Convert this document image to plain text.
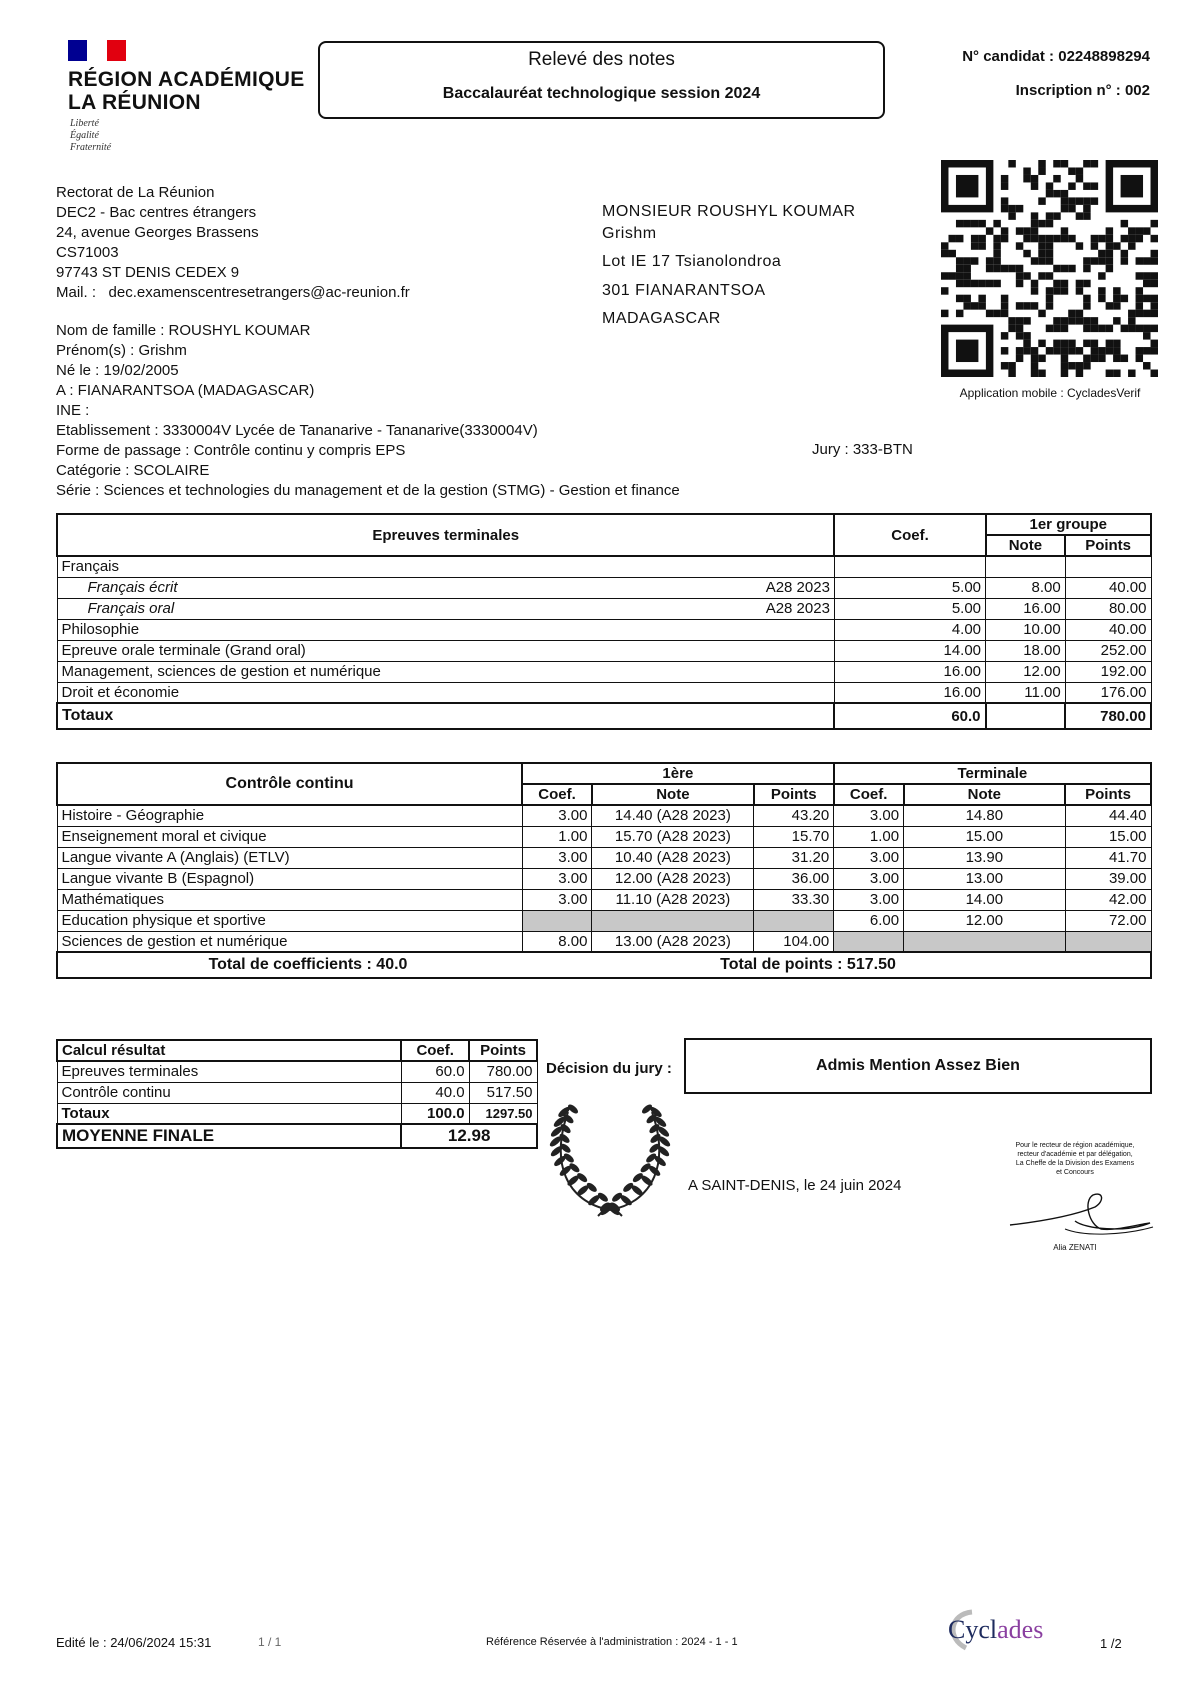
RÉGION ACADÉMIQUE
LA RÉUNION
Liberté
Égalité
Fraternité
Relevé des notes
Baccalauréat technologique session 2024
N° candidat : 02248898294
Inscription n° : 002
Application mobile : CycladesVerif
Rectorat de La Réunion
DEC2 - Bac centres étrangers
24, avenue Georges Brassens
CS71003
97743 ST DENIS CEDEX 9
Mail. : dec.examenscentresetrangers@ac-reunion.fr
MONSIEUR ROUSHYL KOUMAR
Grishm
Lot IE 17 Tsianolondroa
301 FIANARANTSOA
MADAGASCAR
Nom de famille : ROUSHYL KOUMAR
Prénom(s) : Grishm
Né le : 19/02/2005
A : FIANARANTSOA (MADAGASCAR)
INE :
Etablissement : 3330004V Lycée de Tananarive - Tananarive(3330004V)
Forme de passage : Contrôle continu y compris EPS
Catégorie : SCOLAIRE
Série : Sciences et technologies du management et de la gestion (STMG) - Gestion et finance
Jury : 333-BTN
Epreuves terminales		Coef.	1er groupe	
			Note	Points
Français				
Français écrit	A28 2023	5.00	8.00	40.00
Français oral	A28 2023	5.00	16.00	80.00
Philosophie		4.00	10.00	40.00
Epreuve orale terminale (Grand oral)		14.00	18.00	252.00
Management, sciences de gestion et numérique		16.00	12.00	192.00
Droit et économie		16.00	11.00	176.00
Totaux		60.0		780.00
Contrôle continu	1ère			Terminale		
	Coef.	Note	Points	Coef.	Note	Points
Histoire - Géographie	3.00	14.40 (A28 2023)	43.20	3.00	14.80	44.40
Enseignement moral et civique	1.00	15.70 (A28 2023)	15.70	1.00	15.00	15.00
Langue vivante A (Anglais) (ETLV)	3.00	10.40 (A28 2023)	31.20	3.00	13.90	41.70
Langue vivante B (Espagnol)	3.00	12.00 (A28 2023)	36.00	3.00	13.00	39.00
Mathématiques	3.00	11.10 (A28 2023)	33.30	3.00	14.00	42.00
Education physique et sportive				6.00	12.00	72.00
Sciences de gestion et numérique	8.00	13.00 (A28 2023)	104.00			

Total de coefficients : 40.0 Total de points : 517.50						
Calcul résultat	Coef.	Points
Epreuves terminales	60.0	780.00
Contrôle continu	40.0	517.50
Totaux	100.0	1297.50
MOYENNE FINALE	12.98	
Décision du jury :	Admis Mention Assez Bien
A SAINT-DENIS, le 24 juin 2024
Pour le recteur de région académique,
recteur d'académie et par délégation,
La Cheffe de la Division des Examens
et Concours
Alia ZENATI
Edité le : 24/06/2024 15:31	1 / 1	Référence Réservée à l'administration : 2024 - 1 - 1	Cyclades	1 /2
